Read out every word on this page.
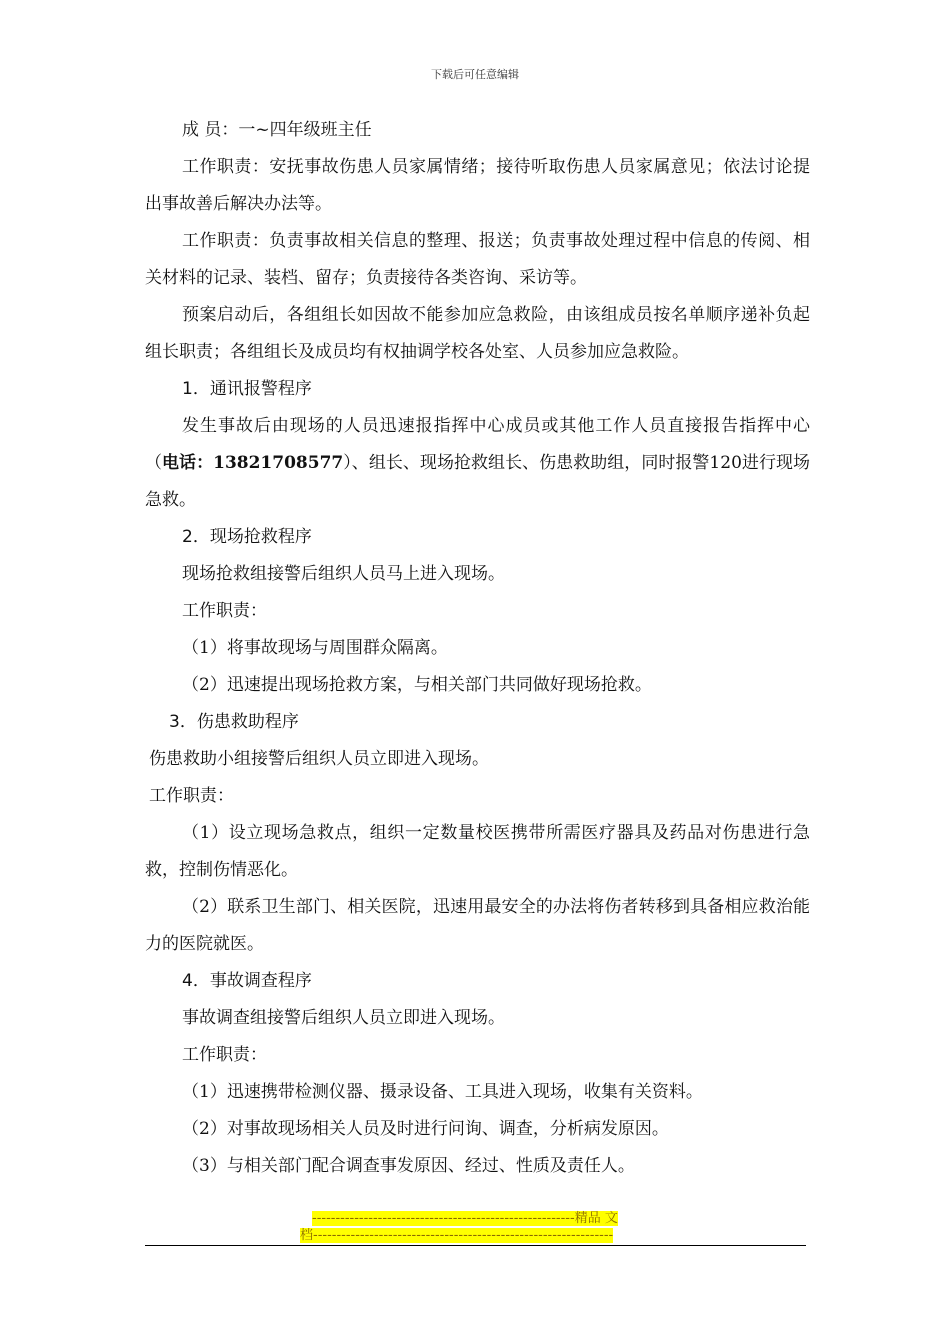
下载后可任意编辑

成 员：一~四年级班主任

工作职责：安抚事故伤患人员家属情绪；接待听取伤患人员家属意见；依法讨论提出事故善后解决办法等。

工作职责：负责事故相关信息的整理、报送；负责事故处理过程中信息的传阅、相关材料的记录、装档、留存；负责接待各类咨询、采访等。

预案启动后，各组组长如因故不能参加应急救险，由该组成员按名单顺序递补负起组长职责；各组组长及成员均有权抽调学校各处室、人员参加应急救险。

1．通讯报警程序

发生事故后由现场的人员迅速报指挥中心成员或其他工作人员直接报告指挥中心（电话：13821708577）、组长、现场抢救组长、伤患救助组，同时报警120进行现场急救。

2．现场抢救程序

现场抢救组接警后组织人员马上进入现场。

工作职责：

（1）将事故现场与周围群众隔离。

（2）迅速提出现场抢救方案，与相关部门共同做好现场抢救。

3．伤患救助程序

伤患救助小组接警后组织人员立即进入现场。

工作职责：

（1）设立现场急救点，组织一定数量校医携带所需医疗器具及药品对伤患进行急救，控制伤情恶化。

（2）联系卫生部门、相关医院，迅速用最安全的办法将伤者转移到具备相应救治能力的医院就医。

4．事故调查程序

事故调查组接警后组织人员立即进入现场。

工作职责：

（1）迅速携带检测仪器、摄录设备、工具进入现场，收集有关资料。

（2）对事故现场相关人员及时进行问询、调查，分析病发原因。

（3）与相关部门配合调查事发原因、经过、性质及责任人。

--------------------------------------------------------精品 文
档----------------------------------------------------------------
